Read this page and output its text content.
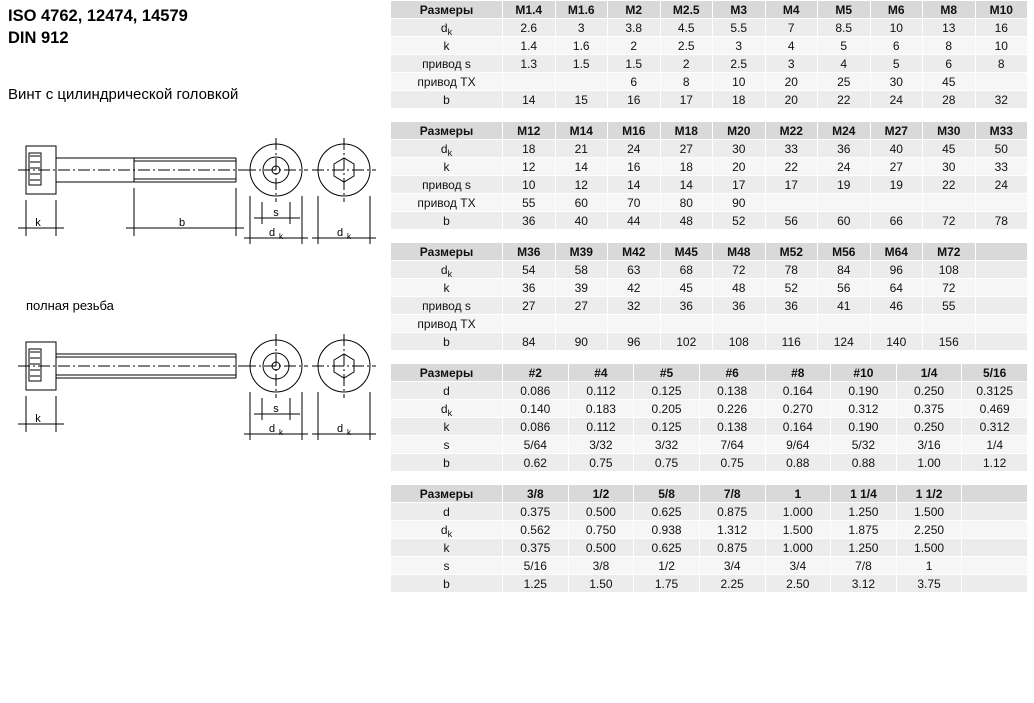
ISO 4762, 12474, 14579
DIN 912
Винт с цилиндрической головкой
k	b
s
d k	d k
полная резьба
k
s
d k	d k
Размеры	M1.4	M1.6	M2	M2.5	M3	M4	M5	M6	M8	M10
$d_k$	2.6	3	3.8	4.5	5.5	7	8.5	10	13	16
k	1.4	1.6	2	2.5	3	4	5	6	8	10
привод s	1.3	1.5	1.5	2	2.5	3	4	5	6	8
привод TX			6	8	10	20	25	30	45	
b	14	15	16	17	18	20	22	24	28	32
Размеры	M12	M14	M16	M18	M20	M22	M24	M27	M30	M33
$d_k$	18	21	24	27	30	33	36	40	45	50
k	12	14	16	18	20	22	24	27	30	33
привод s	10	12	14	14	17	17	19	19	22	24
привод TX	55	60	70	80	90					
b	36	40	44	48	52	56	60	66	72	78
Размеры	M36	M39	M42	M45	M48	M52	M56	M64	M72	
$d_k$	54	58	63	68	72	78	84	96	108	
k	36	39	42	45	48	52	56	64	72	
привод s	27	27	32	36	36	36	41	46	55	
привод TX										
b	84	90	96	102	108	116	124	140	156	
Размеры	#2	#4	#5	#6	#8	#10	1/4	5/16
d	0.086	0.112	0.125	0.138	0.164	0.190	0.250	0.3125
$d_k$	0.140	0.183	0.205	0.226	0.270	0.312	0.375	0.469
k	0.086	0.112	0.125	0.138	0.164	0.190	0.250	0.312
s	5/64	3/32	3/32	7/64	9/64	5/32	3/16	1/4
b	0.62	0.75	0.75	0.75	0.88	0.88	1.00	1.12
Размеры	3/8	1/2	5/8	7/8	1	1 1/4	1 1/2	
d	0.375	0.500	0.625	0.875	1.000	1.250	1.500	
$d_k$	0.562	0.750	0.938	1.312	1.500	1.875	2.250	
k	0.375	0.500	0.625	0.875	1.000	1.250	1.500	
s	5/16	3/8	1/2	3/4	3/4	7/8	1	
b	1.25	1.50	1.75	2.25	2.50	3.12	3.75	
